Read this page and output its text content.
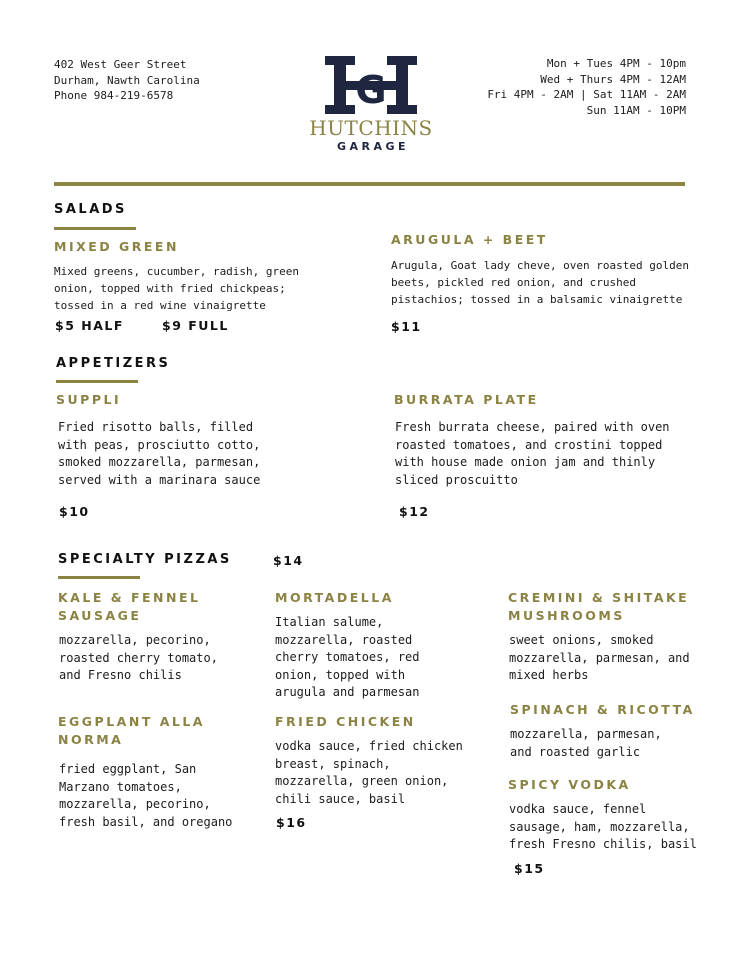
402 West Geer Street
Durham, Nawth Carolina
Phone 984-219-6578	G
HUTCHINS
GARAGE
Mon + Tues 4PM - 10pm
Wed + Thurs 4PM - 12AM
Fri 4PM - 2AM | Sat 11AM - 2AM
Sun 11AM - 10PM
SALADS
MIXED GREEN
Mixed greens, cucumber, radish, green onion, topped with fried chickpeas; tossed in a red wine vinaigrette
$5 HALF	$9 FULL
ARUGULA + BEET
Arugula, Goat lady cheve, oven roasted golden beets, pickled red onion, and crushed pistachios; tossed in a balsamic vinaigrette
$11
APPETIZERS
SUPPLI
Fried risotto balls, filled with peas, prosciutto cotto, smoked mozzarella, parmesan, served with a marinara sauce
$10
BURRATA PLATE
Fresh burrata cheese, paired with oven roasted tomatoes, and crostini topped with house made onion jam and thinly sliced proscuitto
$12
SPECIALTY PIZZAS	$14
KALE & FENNEL SAUSAGE
mozzarella, pecorino, roasted cherry tomato, and Fresno chilis
EGGPLANT ALLA NORMA
fried eggplant, San Marzano tomatoes, mozzarella, pecorino, fresh basil, and oregano
MORTADELLA
Italian salume, mozzarella, roasted cherry tomatoes, red onion, topped with arugula and parmesan
FRIED CHICKEN
vodka sauce, fried chicken breast, spinach, mozzarella, green onion, chili sauce, basil
$16
CREMINI & SHITAKE MUSHROOMS
sweet onions, smoked mozzarella, parmesan, and mixed herbs
SPINACH & RICOTTA
mozzarella, parmesan, and roasted garlic
SPICY VODKA
vodka sauce, fennel sausage, ham, mozzarella, fresh Fresno chilis, basil
$15
